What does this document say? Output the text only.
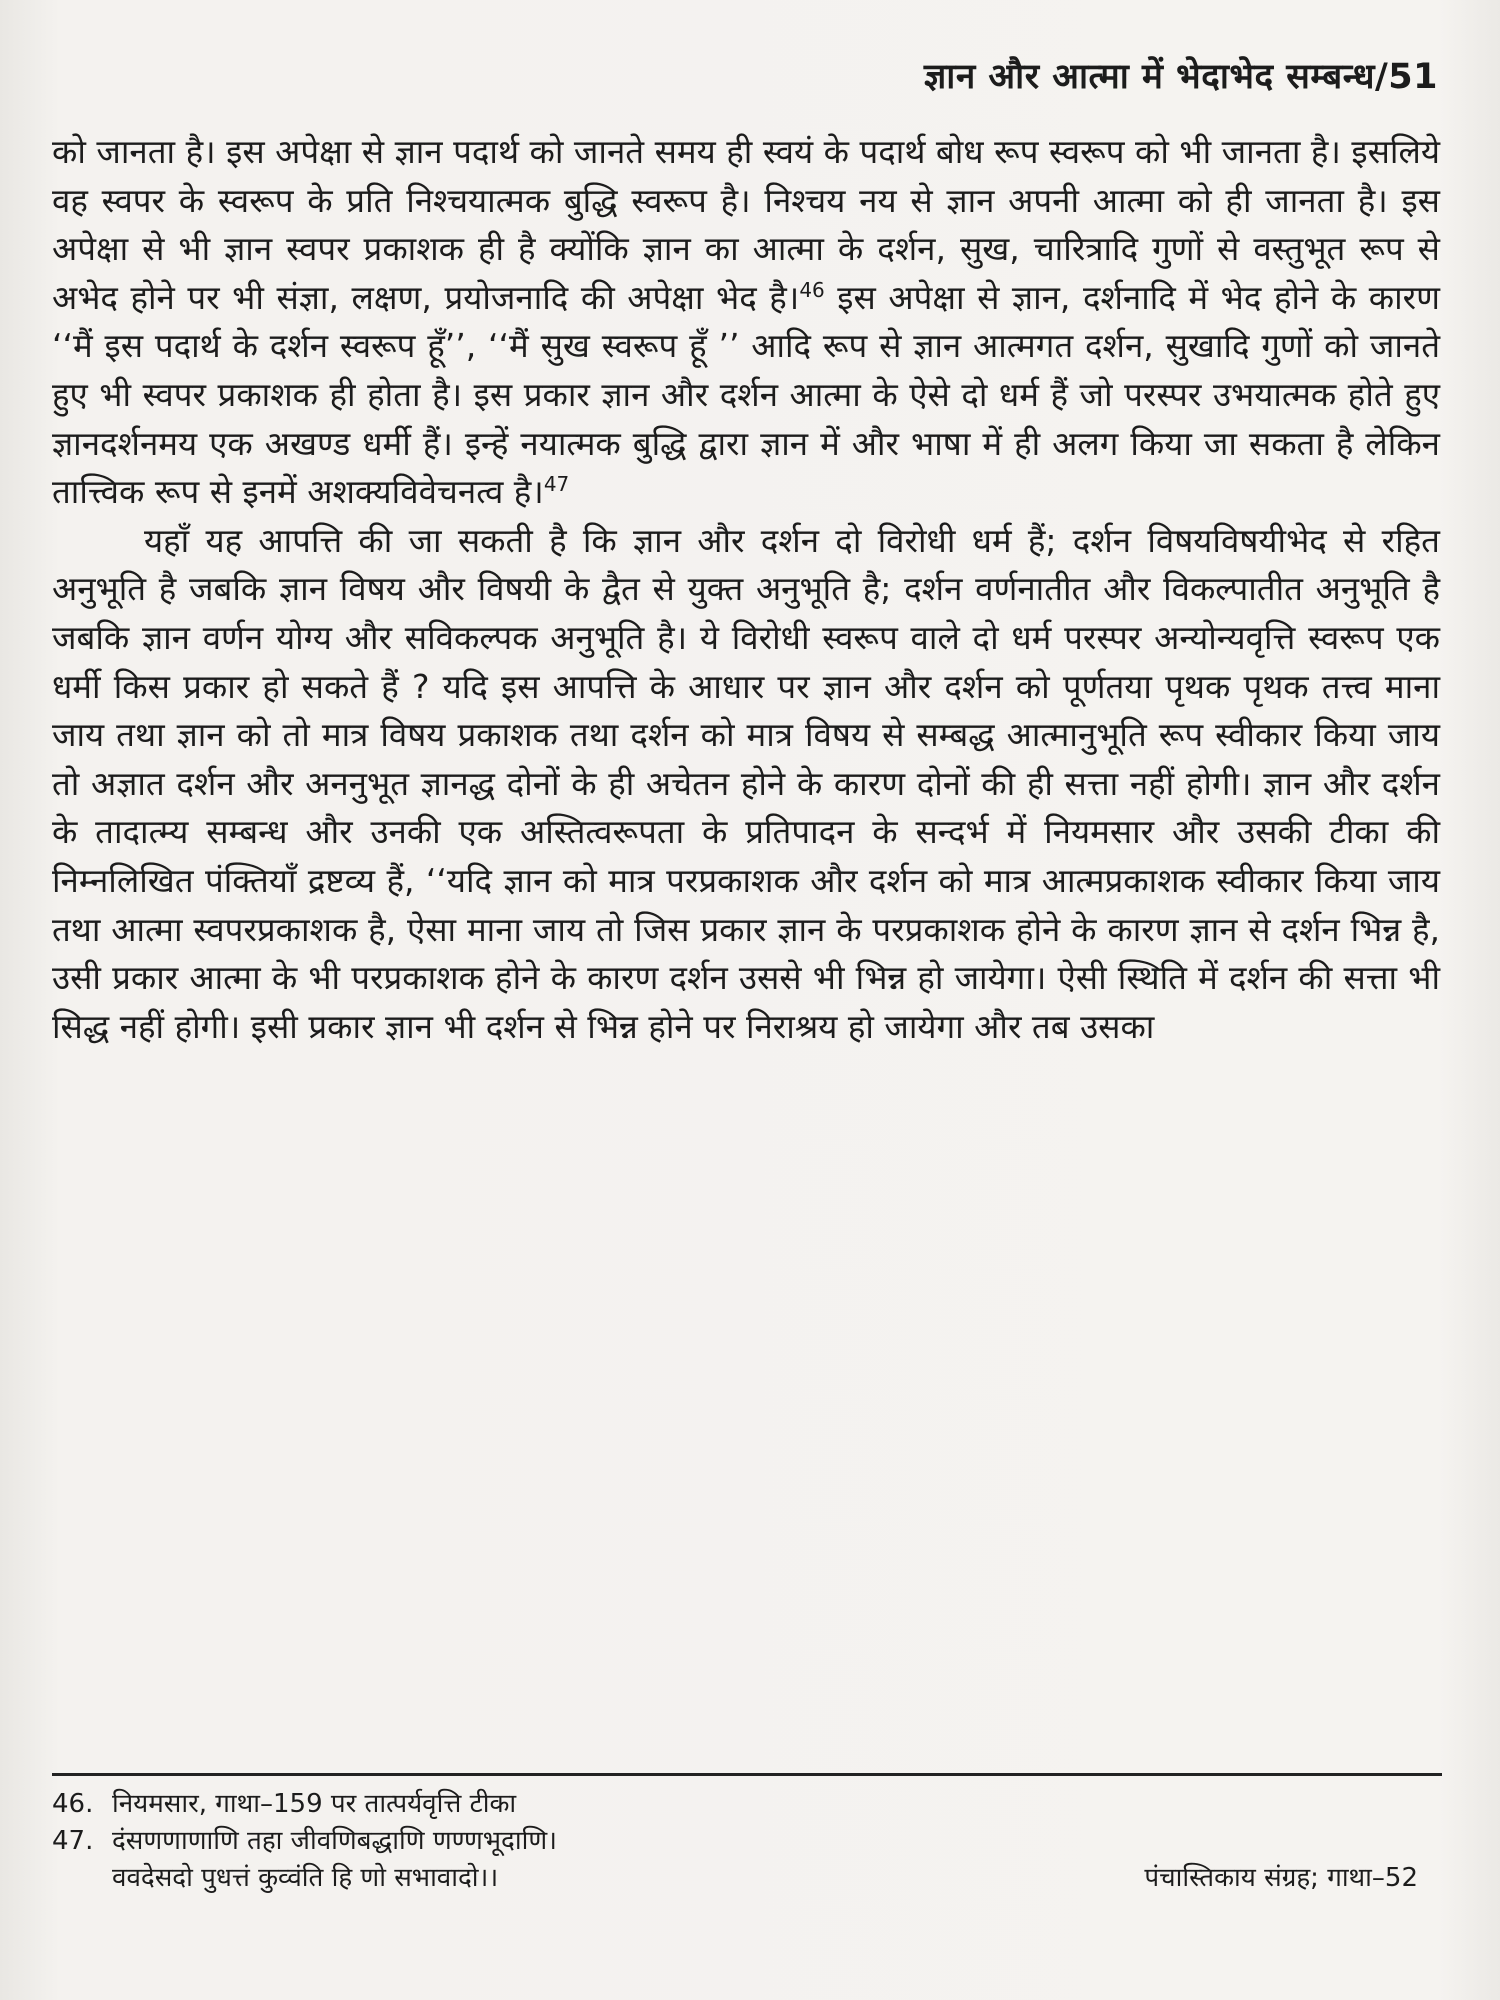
ज्ञान और आत्मा में भेदाभेद सम्बन्ध/51

को जानता है। इस अपेक्षा से ज्ञान पदार्थ को जानते समय ही स्वयं के पदार्थ बोध रूप स्वरूप को भी जानता है। इसलिये वह स्वपर के स्वरूप के प्रति निश्चयात्मक बुद्धि स्वरूप है। निश्चय नय से ज्ञान अपनी आत्मा को ही जानता है। इस अपेक्षा से भी ज्ञान स्वपर प्रकाशक ही है क्योंकि ज्ञान का आत्मा के दर्शन, सुख, चारित्रादि गुणों से वस्तुभूत रूप से अभेद होने पर भी संज्ञा, लक्षण, प्रयोजनादि की अपेक्षा भेद है।$^{46}$ इस अपेक्षा से ज्ञान, दर्शनादि में भेद होने के कारण ‘‘मैं इस पदार्थ के दर्शन स्वरूप हूँ’’, ‘‘मैं सुख स्वरूप हूँ ’’ आदि रूप से ज्ञान आत्मगत दर्शन, सुखादि गुणों को जानते हुए भी स्वपर प्रकाशक ही होता है। इस प्रकार ज्ञान और दर्शन आत्मा के ऐसे दो धर्म हैं जो परस्पर उभयात्मक होते हुए ज्ञानदर्शनमय एक अखण्ड धर्मी हैं। इन्हें नयात्मक बुद्धि द्वारा ज्ञान में और भाषा में ही अलग किया जा सकता है लेकिन तात्त्विक रूप से इनमें अशक्यविवेचनत्व है।$^{47}$

यहाँ यह आपत्ति की जा सकती है कि ज्ञान और दर्शन दो विरोधी धर्म हैं; दर्शन विषयविषयीभेद से रहित अनुभूति है जबकि ज्ञान विषय और विषयी के द्वैत से युक्त अनुभूति है; दर्शन वर्णनातीत और विकल्पातीत अनुभूति है जबकि ज्ञान वर्णन योग्य और सविकल्पक अनुभूति है। ये विरोधी स्वरूप वाले दो धर्म परस्पर अन्योन्यवृत्ति स्वरूप एक धर्मी किस प्रकार हो सकते हैं ? यदि इस आपत्ति के आधार पर ज्ञान और दर्शन को पूर्णतया पृथक पृथक तत्त्व माना जाय तथा ज्ञान को तो मात्र विषय प्रकाशक तथा दर्शन को मात्र विषय से सम्बद्ध आत्मानुभूति रूप स्वीकार किया जाय तो अज्ञात दर्शन और अननुभूत ज्ञानद्ध दोनों के ही अचेतन होने के कारण दोनों की ही सत्ता नहीं होगी। ज्ञान और दर्शन के तादात्म्य सम्बन्ध और उनकी एक अस्तित्वरूपता के प्रतिपादन के सन्दर्भ में नियमसार और उसकी टीका की निम्नलिखित पंक्तियाँ द्रष्टव्य हैं, ‘‘यदि ज्ञान को मात्र परप्रकाशक और दर्शन को मात्र आत्मप्रकाशक स्वीकार किया जाय तथा आत्मा स्वपरप्रकाशक है, ऐसा माना जाय तो जिस प्रकार ज्ञान के परप्रकाशक होने के कारण ज्ञान से दर्शन भिन्न है, उसी प्रकार आत्मा के भी परप्रकाशक होने के कारण दर्शन उससे भी भिन्न हो जायेगा। ऐसी स्थिति में दर्शन की सत्ता भी सिद्ध नहीं होगी। इसी प्रकार ज्ञान भी दर्शन से भिन्न होने पर निराश्रय हो जायेगा और तब उसका

46. नियमसार, गाथा–159 पर तात्पर्यवृत्ति टीका
47. दंसणणाणाणि तहा जीवणिबद्धाणि णण्णभूदाणि।
ववदेसदो पुधत्तं कुव्वंति हि णो सभावादो।।	पंचास्तिकाय संग्रह; गाथा–52
